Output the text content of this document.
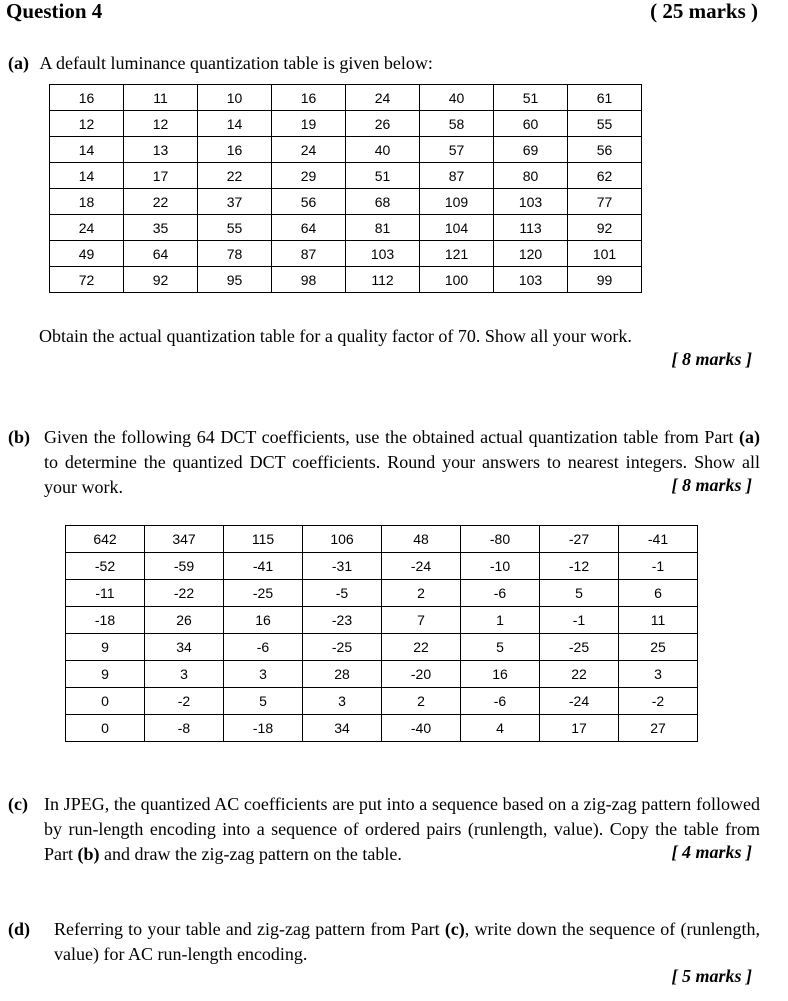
Question 4	( 25 marks )
(a) A default luminance quantization table is given below:
16	11	10	16	24	40	51	61
12	12	14	19	26	58	60	55
14	13	16	24	40	57	69	56
14	17	22	29	51	87	80	62
18	22	37	56	68	109	103	77
24	35	55	64	81	104	113	92
49	64	78	87	103	121	120	101
72	92	95	98	112	100	103	99
Obtain the actual quantization table for a quality factor of 70. Show all your work.
[ 8 marks ]
(b) Given the following 64 DCT coefficients, use the obtained actual quantization table from Part (a) to determine the quantized DCT coefficients. Round your answers to nearest integers. Show all your work.	[ 8 marks ]
642	347	115	106	48	-80	-27	-41
-52	-59	-41	-31	-24	-10	-12	-1
-11	-22	-25	-5	2	-6	5	6
-18	26	16	-23	7	1	-1	11
9	34	-6	-25	22	5	-25	25
9	3	3	28	-20	16	22	3
0	-2	5	3	2	-6	-24	-2
0	-8	-18	34	-40	4	17	27
(c) In JPEG, the quantized AC coefficients are put into a sequence based on a zig-zag pattern followed by run-length encoding into a sequence of ordered pairs (runlength, value). Copy the table from Part (b) and draw the zig-zag pattern on the table.	[ 4 marks ]
(d)	Referring to your table and zig-zag pattern from Part (c), write down the sequence of (runlength, value) for AC run-length encoding.
[ 5 marks ]
